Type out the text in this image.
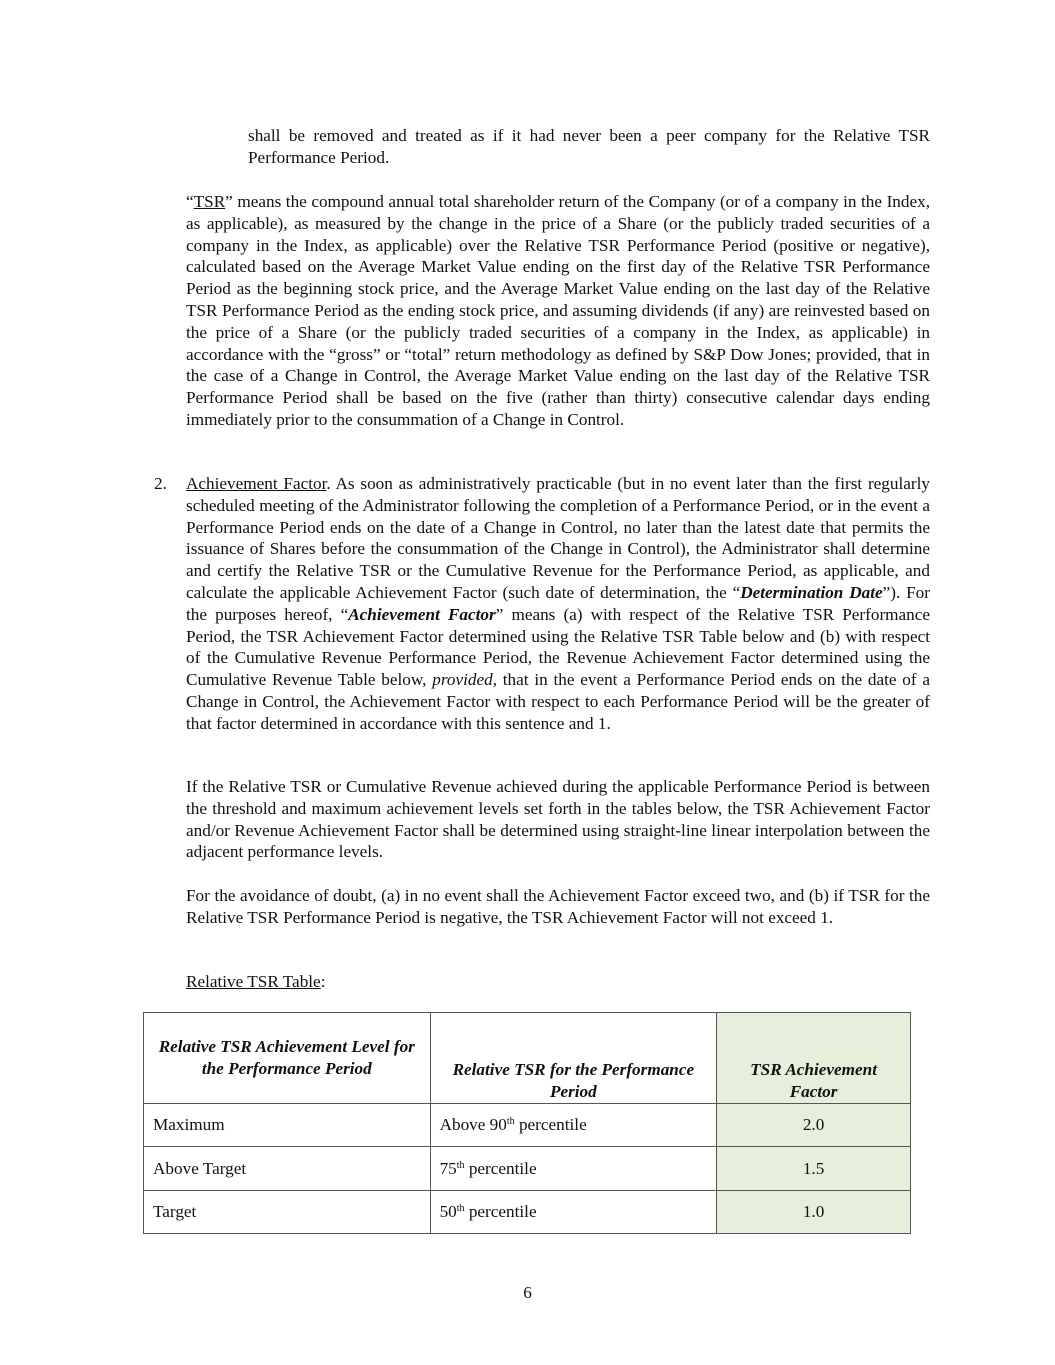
shall be removed and treated as if it had never been a peer company for the Relative TSR Performance Period.

“TSR” means the compound annual total shareholder return of the Company (or of a company in the Index, as applicable), as measured by the change in the price of a Share (or the publicly traded securities of a company in the Index, as applicable) over the Relative TSR Performance Period (positive or negative), calculated based on the Average Market Value ending on the first day of the Relative TSR Performance Period as the beginning stock price, and the Average Market Value ending on the last day of the Relative TSR Performance Period as the ending stock price, and assuming dividends (if any) are reinvested based on the price of a Share (or the publicly traded securities of a company in the Index, as applicable) in accordance with the “gross” or “total” return methodology as defined by S&P Dow Jones; provided, that in the case of a Change in Control, the Average Market Value ending on the last day of the Relative TSR Performance Period shall be based on the five (rather than thirty) consecutive calendar days ending immediately prior to the consummation of a Change in Control.

2. Achievement Factor. As soon as administratively practicable (but in no event later than the first regularly scheduled meeting of the Administrator following the completion of a Performance Period, or in the event a Performance Period ends on the date of a Change in Control, no later than the latest date that permits the issuance of Shares before the consummation of the Change in Control), the Administrator shall determine and certify the Relative TSR or the Cumulative Revenue for the Performance Period, as applicable, and calculate the applicable Achievement Factor (such date of determination, the “Determination Date”). For the purposes hereof, “Achievement Factor” means (a) with respect of the Relative TSR Performance Period, the TSR Achievement Factor determined using the Relative TSR Table below and (b) with respect of the Cumulative Revenue Performance Period, the Revenue Achievement Factor determined using the Cumulative Revenue Table below, provided, that in the event a Performance Period ends on the date of a Change in Control, the Achievement Factor with respect to each Performance Period will be the greater of that factor determined in accordance with this sentence and 1.

If the Relative TSR or Cumulative Revenue achieved during the applicable Performance Period is between the threshold and maximum achievement levels set forth in the tables below, the TSR Achievement Factor and/or Revenue Achievement Factor shall be determined using straight-line linear interpolation between the adjacent performance levels.

For the avoidance of doubt, (a) in no event shall the Achievement Factor exceed two, and (b) if TSR for the Relative TSR Performance Period is negative, the TSR Achievement Factor will not exceed 1.

Relative TSR Table:

Relative TSR Achievement Level for the Performance Period	Relative TSR for the Performance Period	TSR Achievement Factor
Maximum	Above 90th percentile	2.0
Above Target	75th percentile	1.5
Target	50th percentile	1.0
6
